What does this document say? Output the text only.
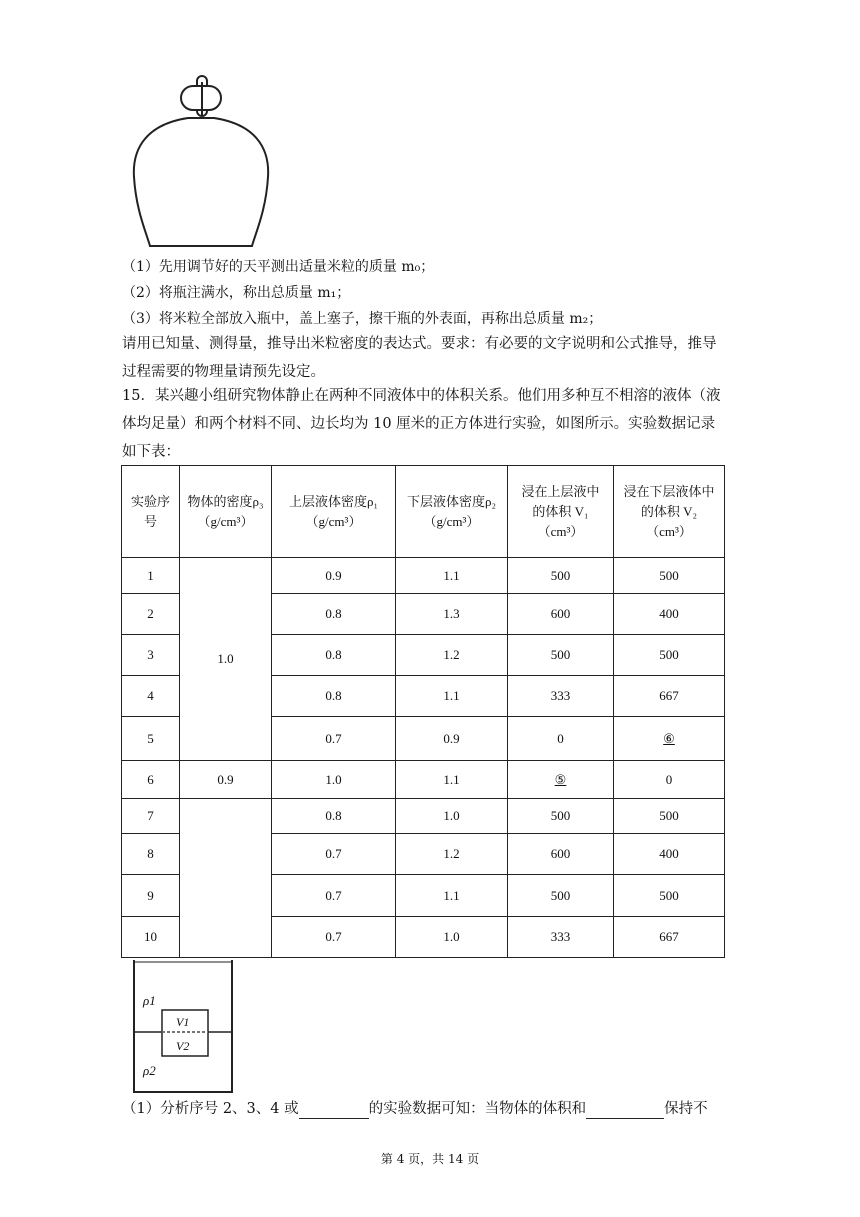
（1）先用调节好的天平测出适量米粒的质量 m₀；
（2）将瓶注满水，称出总质量 m₁；
（3）将米粒全部放入瓶中，盖上塞子，擦干瓶的外表面，再称出总质量 m₂；
请用已知量、测得量，推导出米粒密度的表达式。要求：有必要的文字说明和公式推导，推导过程需要的物理量请预先设定。
15．某兴趣小组研究物体静止在两种不同液体中的体积关系。他们用多种互不相溶的液体（液体均足量）和两个材料不同、边长均为 10 厘米的正方体进行实验，如图所示。实验数据记录如下表：
实验序号	物体的密度ρ₃（g/cm³）	上层液体密度ρ₁（g/cm³）	下层液体密度ρ₂（g/cm³）	浸在上层液中的体积 V₁（cm³）	浸在下层液体中的体积 V₂（cm³）
1	1.0	0.9	1.1	500	500
2		0.8	1.3	600	400
3		0.8	1.2	500	500
4		0.8	1.1	333	667
5		0.7	0.9	0	⑥
6	0.9	1.0	1.1	⑤	0
7		0.8	1.0	500	500
8		0.7	1.2	600	400
9		0.7	1.1	500	500
10		0.7	1.0	333	667
ρ1
V1
V2
ρ2
（1）分析序号 2、3、4 或	的实验数据可知：当物体的体积和	保持不
第 4 页，共 14 页
